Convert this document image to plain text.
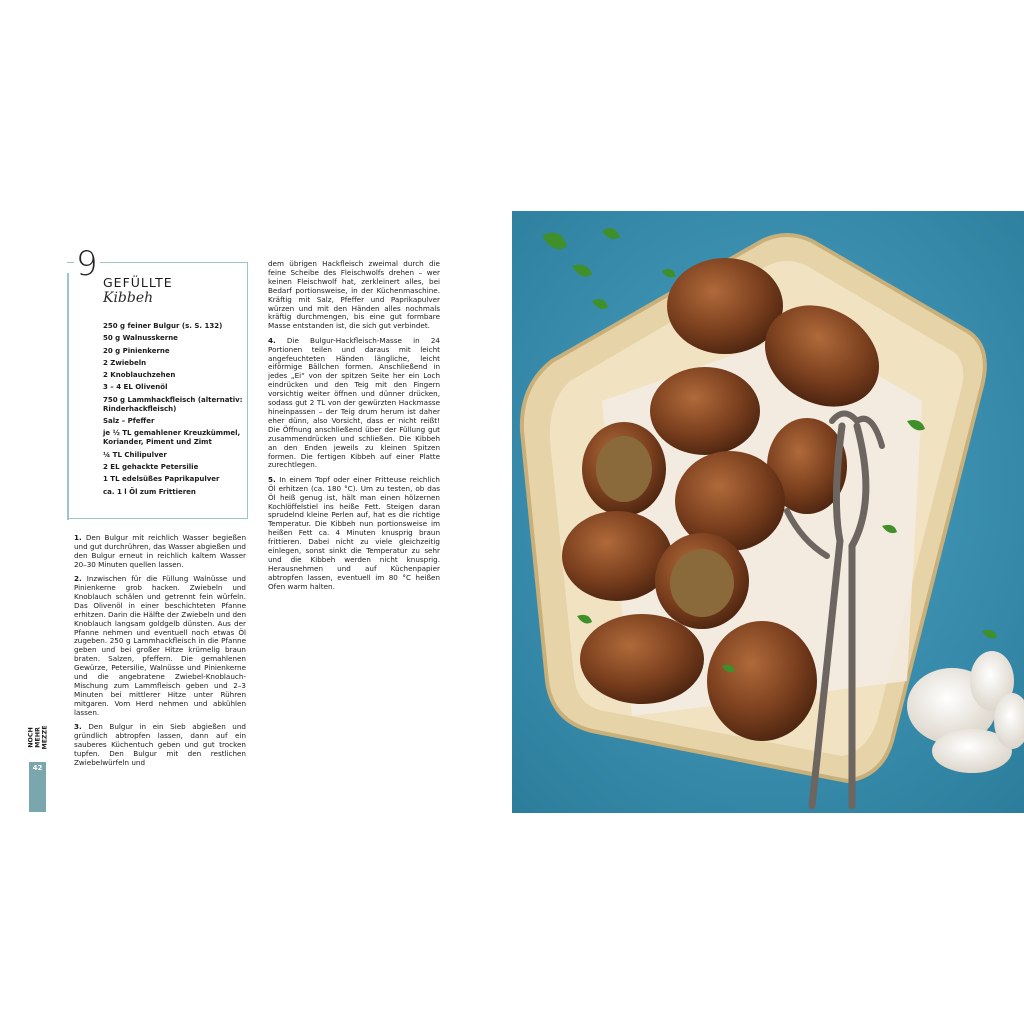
9 GEFÜLLTE
Kibbeh
250 g feiner Bulgur (s. S. 132)
50 g Walnusskerne
20 g Pinienkerne
2 Zwiebeln
2 Knoblauchzehen
3 – 4 EL Olivenöl
750 g Lammhackfleisch (alternativ: Rinderhackfleisch)
Salz – Pfeffer
je ½ TL gemahlener Kreuzkümmel, Koriander, Piment und Zimt
¼ TL Chilipulver
2 EL gehackte Petersilie
1 TL edelsüßes Paprikapulver
ca. 1 l Öl zum Frittieren

1. Den Bulgur mit reichlich Wasser begießen und gut durchrühren, das Wasser abgießen und den Bulgur erneut in reichlich kaltem Wasser 20–30 Minuten quellen lassen.

2. Inzwischen für die Füllung Walnüsse und Pinienkerne grob hacken. Zwiebeln und Knoblauch schälen und getrennt fein würfeln. Das Olivenöl in einer beschichteten Pfanne erhitzen. Darin die Hälfte der Zwiebeln und den Knoblauch langsam goldgelb dünsten. Aus der Pfanne nehmen und eventuell noch etwas Öl zugeben. 250 g Lammhackfleisch in die Pfanne geben und bei großer Hitze krümelig braun braten. Salzen, pfeffern. Die gemahlenen Gewürze, Petersilie, Walnüsse und Pinienkerne und die angebratene Zwiebel-Knoblauch-Mischung zum Lammfleisch geben und 2–3 Minuten bei mittlerer Hitze unter Rühren mitgaren. Vom Herd nehmen und abkühlen lassen.

3. Den Bulgur in ein Sieb abgießen und gründlich abtropfen lassen, dann auf ein sauberes Küchentuch geben und gut trocken tupfen. Den Bulgur mit den restlichen Zwiebelwürfeln und

dem übrigen Hackfleisch zweimal durch die feine Scheibe des Fleischwolfs drehen – wer keinen Fleischwolf hat, zerkleinert alles, bei Bedarf portionsweise, in der Küchenmaschine. Kräftig mit Salz, Pfeffer und Paprikapulver würzen und mit den Händen alles nochmals kräftig durchmengen, bis eine gut formbare Masse entstanden ist, die sich gut verbindet.

4. Die Bulgur-Hackfleisch-Masse in 24 Portionen teilen und daraus mit leicht angefeuchteten Händen längliche, leicht eiförmige Bällchen formen. Anschließend in jedes „Ei“ von der spitzen Seite her ein Loch eindrücken und den Teig mit den Fingern vorsichtig weiter öffnen und dünner drücken, sodass gut 2 TL von der gewürzten Hackmasse hineinpassen – der Teig drum herum ist daher eher dünn, also Vorsicht, dass er nicht reißt! Die Öffnung anschließend über der Füllung gut zusammendrücken und schließen. Die Kibbeh an den Enden jeweils zu kleinen Spitzen formen. Die fertigen Kibbeh auf einer Platte zurechtlegen.

5. In einem Topf oder einer Fritteuse reichlich Öl erhitzen (ca. 180 °C). Um zu testen, ob das Öl heiß genug ist, hält man einen hölzernen Kochlöffelstiel ins heiße Fett. Steigen daran sprudelnd kleine Perlen auf, hat es die richtige Temperatur. Die Kibbeh nun portionsweise im heißen Fett ca. 4 Minuten knusprig braun frittieren. Dabei nicht zu viele gleichzeitig einlegen, sonst sinkt die Temperatur zu sehr und die Kibbeh werden nicht knusprig. Herausnehmen und auf Küchenpapier abtropfen lassen, eventuell im 80 °C heißen Ofen warm halten.

NOCH MEHR
MEZZE
42
